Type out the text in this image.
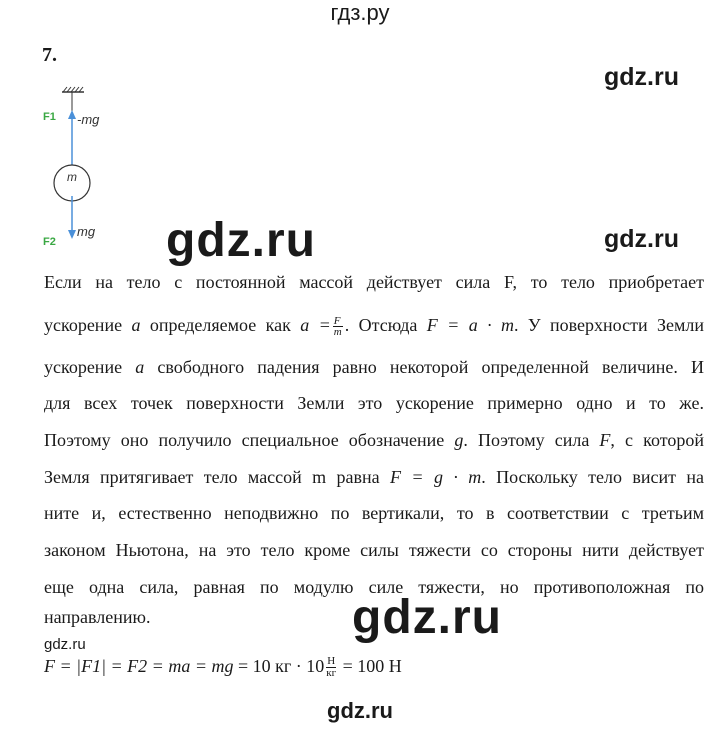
гдз.ру
gdz.ru
gdz.ru
gdz.ru
gdz.ru
gdz.ru
gdz.ru
7.
F1 -mg
m
mg
F2
Если на тело с постоянной массой действует сила F, то тело приобретает
ускорение a определяемое как $a = \frac{F}{m}$ . Отсюда F = a · m. У поверхности Земли
ускорение a свободного падения равно некоторой определенной величине. И
для всех точек поверхности Земли это ускорение примерно одно и то же.
Поэтому оно получило специальное обозначение g. Поэтому сила F, с которой
Земля притягивает тело массой m равна F = g · m. Поскольку тело висит на
ните и, естественно неподвижно по вертикали, то в соответствии с третьим
законом Ньютона, на это тело кроме силы тяжести со стороны нити действует
еще одна сила, равная по модулю силе тяжести, но противоположная по
направлению.
F = |F1| = F2 = ma = mg = 10 кг · $10 \frac{Н}{кг} = 100$ Н
